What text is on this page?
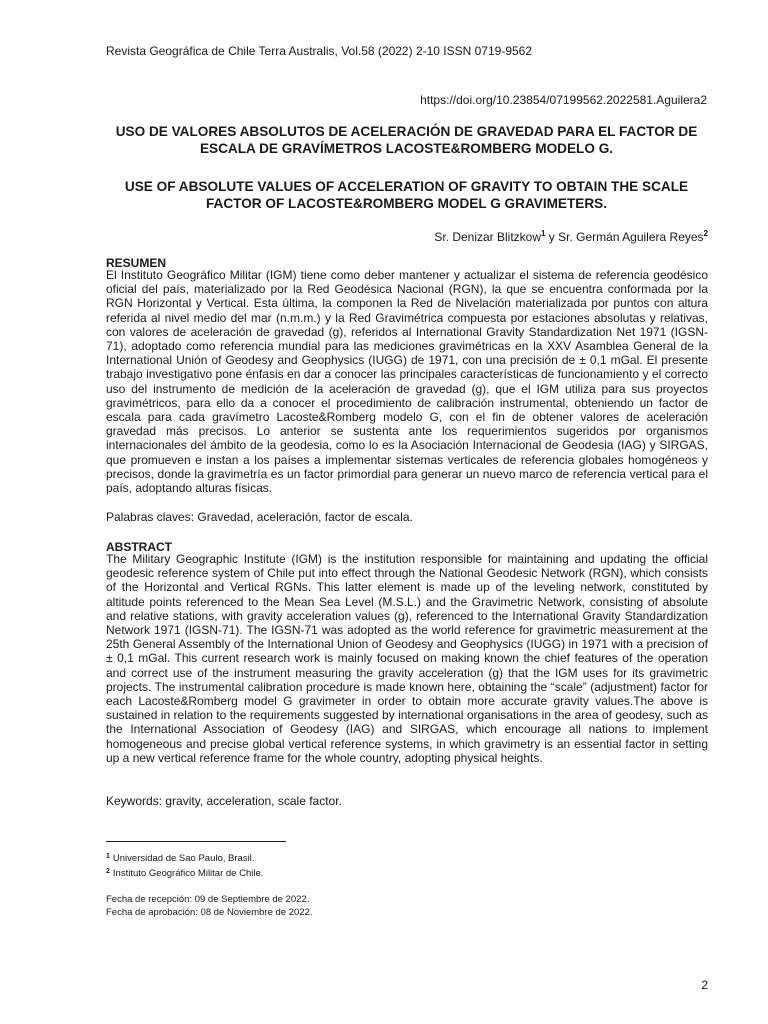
Revista Geográfica de Chile Terra Australis, Vol.58 (2022) 2-10 ISSN 0719-9562
https://doi.org/10.23854/07199562.2022581.Aguilera2
USO DE VALORES ABSOLUTOS DE ACELERACIÓN DE GRAVEDAD PARA EL FACTOR DE ESCALA DE GRAVÍMETROS LACOSTE&ROMBERG MODELO G.
USE OF ABSOLUTE VALUES OF ACCELERATION OF GRAVITY TO OBTAIN THE SCALE FACTOR OF LACOSTE&ROMBERG MODEL G GRAVIMETERS.
Sr. Denizar Blitzkow$^1$ y Sr. Germán Aguilera Reyes$^2$
RESUMEN

El Instituto Geográfico Militar (IGM) tiene como deber mantener y actualizar el sistema de referencia geodésico oficial del país, materializado por la Red Geodésica Nacional (RGN), la que se encuentra conformada por la RGN Horizontal y Vertical. Esta última, la componen la Red de Nivelación materializada por puntos con altura referida al nivel medio del mar (n.m.m.) y la Red Gravimétrica compuesta por estaciones absolutas y relativas, con valores de aceleración de gravedad (g), referidos al International Gravity Standardization Net 1971 (IGSN-71), adoptado como referencia mundial para las mediciones gravimétricas en la XXV Asamblea General de la International Unión of Geodesy and Geophysics (IUGG) de 1971, con una precisión de ± 0,1 mGal. El presente trabajo investigativo pone énfasis en dar a conocer las principales características de funcionamiento y el correcto uso del instrumento de medición de la aceleración de gravedad (g), que el IGM utiliza para sus proyectos gravimétricos, para ello da a conocer el procedimiento de calibración instrumental, obteniendo un factor de escala para cada gravímetro Lacoste&Romberg modelo G, con el fin de obtener valores de aceleración gravedad más precisos. Lo anterior se sustenta ante los requerimientos sugeridos por organismos internacionales del ámbito de la geodesia, como lo es la Asociación Internacional de Geodesia (IAG) y SIRGAS, que promueven e instan a los países a implementar sistemas verticales de referencia globales homogéneos y precisos, donde la gravimetría es un factor primordial para generar un nuevo marco de referencia vertical para el país, adoptando alturas físicas.

Palabras claves: Gravedad, aceleración, factor de escala.

ABSTRACT

The Military Geographic Institute (IGM) is the institution responsible for maintaining and updating the official geodesic reference system of Chile put into effect through the National Geodesic Network (RGN), which consists of the Horizontal and Vertical RGNs. This latter element is made up of the leveling network, constituted by altitude points referenced to the Mean Sea Level (M.S.L.) and the Gravimetric Network, consisting of absolute and relative stations, with gravity acceleration values (g), referenced to the International Gravity Standardization Network 1971 (IGSN-71). The IGSN-71 was adopted as the world reference for gravimetric measurement at the 25th General Assembly of the International Union of Geodesy and Geophysics (IUGG) in 1971 with a precision of ± 0,1 mGal. This current research work is mainly focused on making known the chief features of the operation and correct use of the instrument measuring the gravity acceleration (g) that the IGM uses for its gravimetric projects. The instrumental calibration procedure is made known here, obtaining the “scale” (adjustment) factor for each Lacoste&Romberg model G gravimeter in order to obtain more accurate gravity values.The above is sustained in relation to the requirements suggested by international organisations in the area of geodesy, such as the International Association of Geodesy (IAG) and SIRGAS, which encourage all nations to implement homogeneous and precise global vertical reference systems, in which gravimetry is an essential factor in setting up a new vertical reference frame for the whole country, adopting physical heights.

Keywords: gravity, acceleration, scale factor.

$^1$ Universidad de Sao Paulo, Brasil.
$^2$ Instituto Geográfico Militar de Chile.
Fecha de recepción: 09 de Septiembre de 2022.
Fecha de aprobación: 08 de Noviembre de 2022.
2
